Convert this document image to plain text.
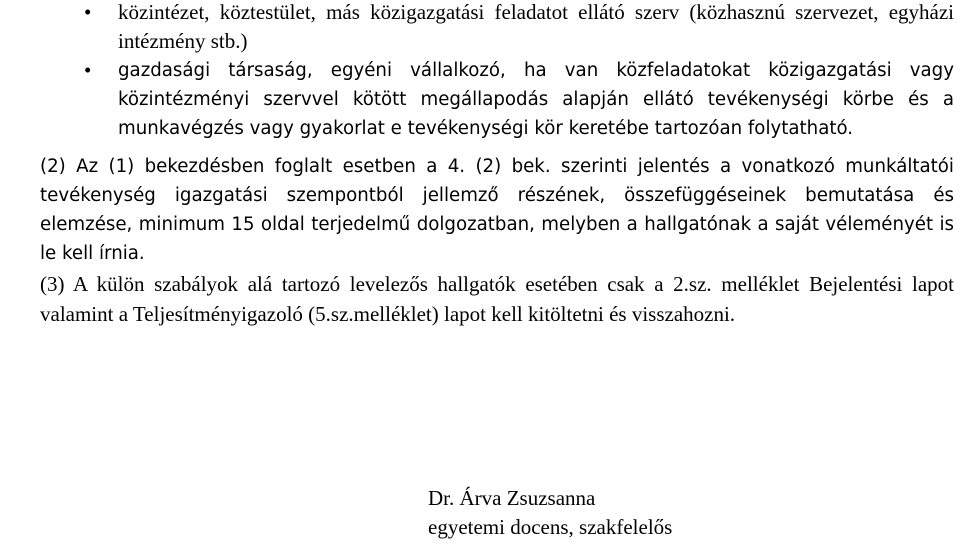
• közintézet, köztestület, más közigazgatási feladatot ellátó szerv (közhasznú szervezet, egyházi intézmény stb.)

• gazdasági társaság, egyéni vállalkozó, ha van közfeladatokat közigazgatási vagy közintézményi szervvel kötött megállapodás alapján ellátó tevékenységi körbe és a munkavégzés vagy gyakorlat e tevékenységi kör keretébe tartozóan folytatható.

(2) Az (1) bekezdésben foglalt esetben a 4. (2) bek. szerinti jelentés a vonatkozó munkáltatói tevékenység igazgatási szempontból jellemző részének, összefüggéseinek bemutatása és elemzése, minimum 15 oldal terjedelmű dolgozatban, melyben a hallgatónak a saját véleményét is le kell írnia.

(3) A külön szabályok alá tartozó levelezős hallgatók esetében csak a 2.sz. melléklet Bejelentési lapot valamint a Teljesítményigazoló (5.sz.melléklet) lapot kell kitöltetni és visszahozni.

Dr. Árva Zsuzsanna
egyetemi docens, szakfelelős
